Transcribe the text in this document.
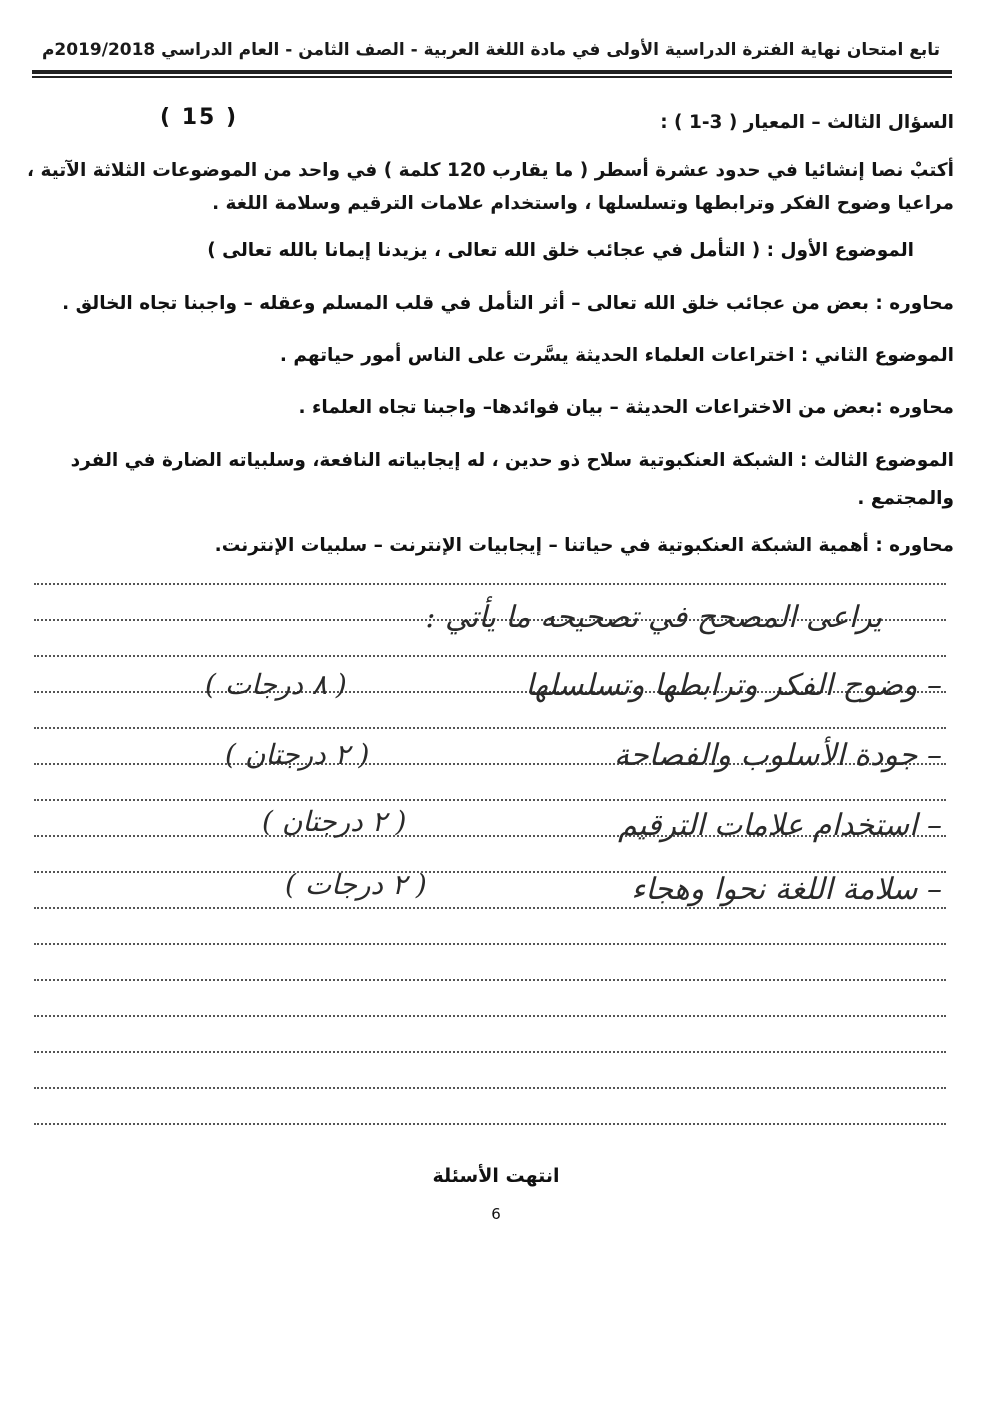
تابع امتحان نهاية الفترة الدراسية الأولى في مادة اللغة العربية - الصف الثامن - العام الدراسي 2019/2018م
( 15 )	السؤال الثالث – المعيار ( 3-1 ) :
أكتبْ نصا إنشائيا في حدود عشرة أسطر ( ما يقارب 120 كلمة ) في واحد من الموضوعات الثلاثة الآتية ،
مراعيا وضوح الفكر وترابطها وتسلسلها ، واستخدام علامات الترقيم وسلامة اللغة .
الموضوع الأول : ( التأمل في عجائب خلق الله تعالى ، يزيدنا إيمانا بالله تعالى )
محاوره : بعض من عجائب خلق الله تعالى – أثر التأمل في قلب المسلم وعقله – واجبنا تجاه الخالق .
الموضوع الثاني : اختراعات العلماء الحديثة يسَّرت على الناس أمور حياتهم .
محاوره :بعض من الاختراعات الحديثة – بيان فوائدها– واجبنا تجاه العلماء .
الموضوع الثالث : الشبكة العنكبوتية سلاح ذو حدين ، له إيجابياته النافعة، وسلبياته الضارة في الفرد
والمجتمع .
محاوره : أهمية الشبكة العنكبوتية في حياتنا – إيجابيات الإنترنت – سلبيات الإنترنت.
يراعى المصحح في تصحيحه ما يأتي :
– وضوح الفكر وترابطها وتسلسلها
( ٨ درجات )
– جودة الأسلوب والفصاحة
( ٢ درجتان )
– استخدام علامات الترقيم
( ٢ درجتان )
– سلامة اللغة نحوا وهجاء
( ٢ درجات )
انتهت الأسئلة
6
